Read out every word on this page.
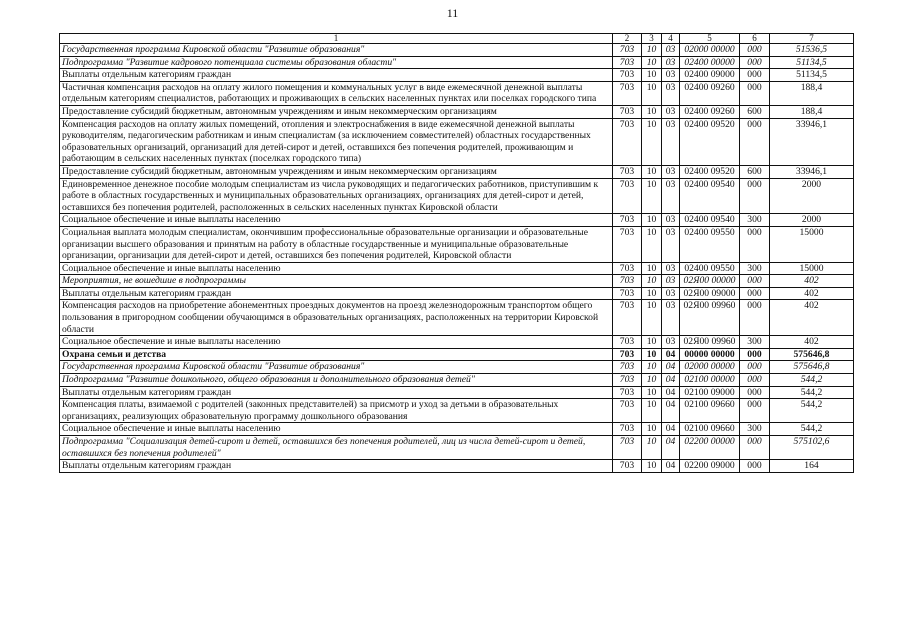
11
1	2	3	4	5	6	7
Государственная программа Кировской области "Развитие образования"	703	10	03	02000 00000	000	51536,5
Подпрограмма "Развитие кадрового потенциала системы образования области"	703	10	03	02400 00000	000	51134,5
Выплаты отдельным категориям граждан	703	10	03	02400 09000	000	51134,5
Частичная компенсация расходов на оплату жилого помещения и коммунальных услуг в виде ежемесячной денежной выплаты отдельным категориям специалистов, работающих и проживающих в сельских населенных пунктах или поселках городского типа	703	10	03	02400 09260	000	188,4
Предоставление субсидий бюджетным, автономным учреждениям и иным некоммерческим организациям	703	10	03	02400 09260	600	188,4
Компенсация расходов на оплату жилых помещений, отопления и электроснабжения в виде ежемесячной денежной выплаты руководителям, педагогическим работникам и иным специалистам (за исключением совместителей) областных государственных образовательных организаций, организаций для детей-сирот и детей, оставшихся без попечения родителей, проживающим и работающим в сельских населенных пунктах (поселках городского типа)	703	10	03	02400 09520	000	33946,1
Предоставление субсидий бюджетным, автономным учреждениям и иным некоммерческим организациям	703	10	03	02400 09520	600	33946,1
Единовременное денежное пособие молодым специалистам из числа руководящих и педагогических работников, приступившим к работе в областных государственных и муниципальных образовательных организациях, организациях для детей-сирот и детей, оставшихся без попечения родителей, расположенных в сельских населенных пунктах Кировской области	703	10	03	02400 09540	000	2000
Социальное обеспечение и иные выплаты населению	703	10	03	02400 09540	300	2000
Социальная выплата молодым специалистам, окончившим профессиональные образовательные организации и образовательные организации высшего образования и принятым на работу в областные государственные и муниципальные образовательные организации, организации для детей-сирот и детей, оставшихся без попечения родителей, Кировской области	703	10	03	02400 09550	000	15000
Социальное обеспечение и иные выплаты населению	703	10	03	02400 09550	300	15000
Мероприятия, не вошедшие в подпрограммы	703	10	03	02Я00 00000	000	402
Выплаты отдельным категориям граждан	703	10	03	02Я00 09000	000	402
Компенсация расходов на приобретение абонементных проездных документов на проезд железнодорожным транспортом общего пользования в пригородном сообщении обучающимся в образовательных организациях, расположенных на территории Кировской области	703	10	03	02Я00 09960	000	402
Социальное обеспечение и иные выплаты населению	703	10	03	02Я00 09960	300	402
Охрана семьи и детства	703	10	04	00000 00000	000	575646,8
Государственная программа Кировской области "Развитие образования"	703	10	04	02000 00000	000	575646,8
Подпрограмма "Развитие дошкольного, общего образования и дополнительного образования детей"	703	10	04	02100 00000	000	544,2
Выплаты отдельным категориям граждан	703	10	04	02100 09000	000	544,2
Компенсация платы, взимаемой с родителей (законных представителей) за присмотр и уход за детьми в образовательных организациях, реализующих образовательную программу дошкольного образования	703	10	04	02100 09660	000	544,2
Социальное обеспечение и иные выплаты населению	703	10	04	02100 09660	300	544,2
Подпрограмма "Социализация детей-сирот и детей, оставшихся без попечения родителей, лиц из числа детей-сирот и детей, оставшихся без попечения родителей"	703	10	04	02200 00000	000	575102,6
Выплаты отдельным категориям граждан	703	10	04	02200 09000	000	164
